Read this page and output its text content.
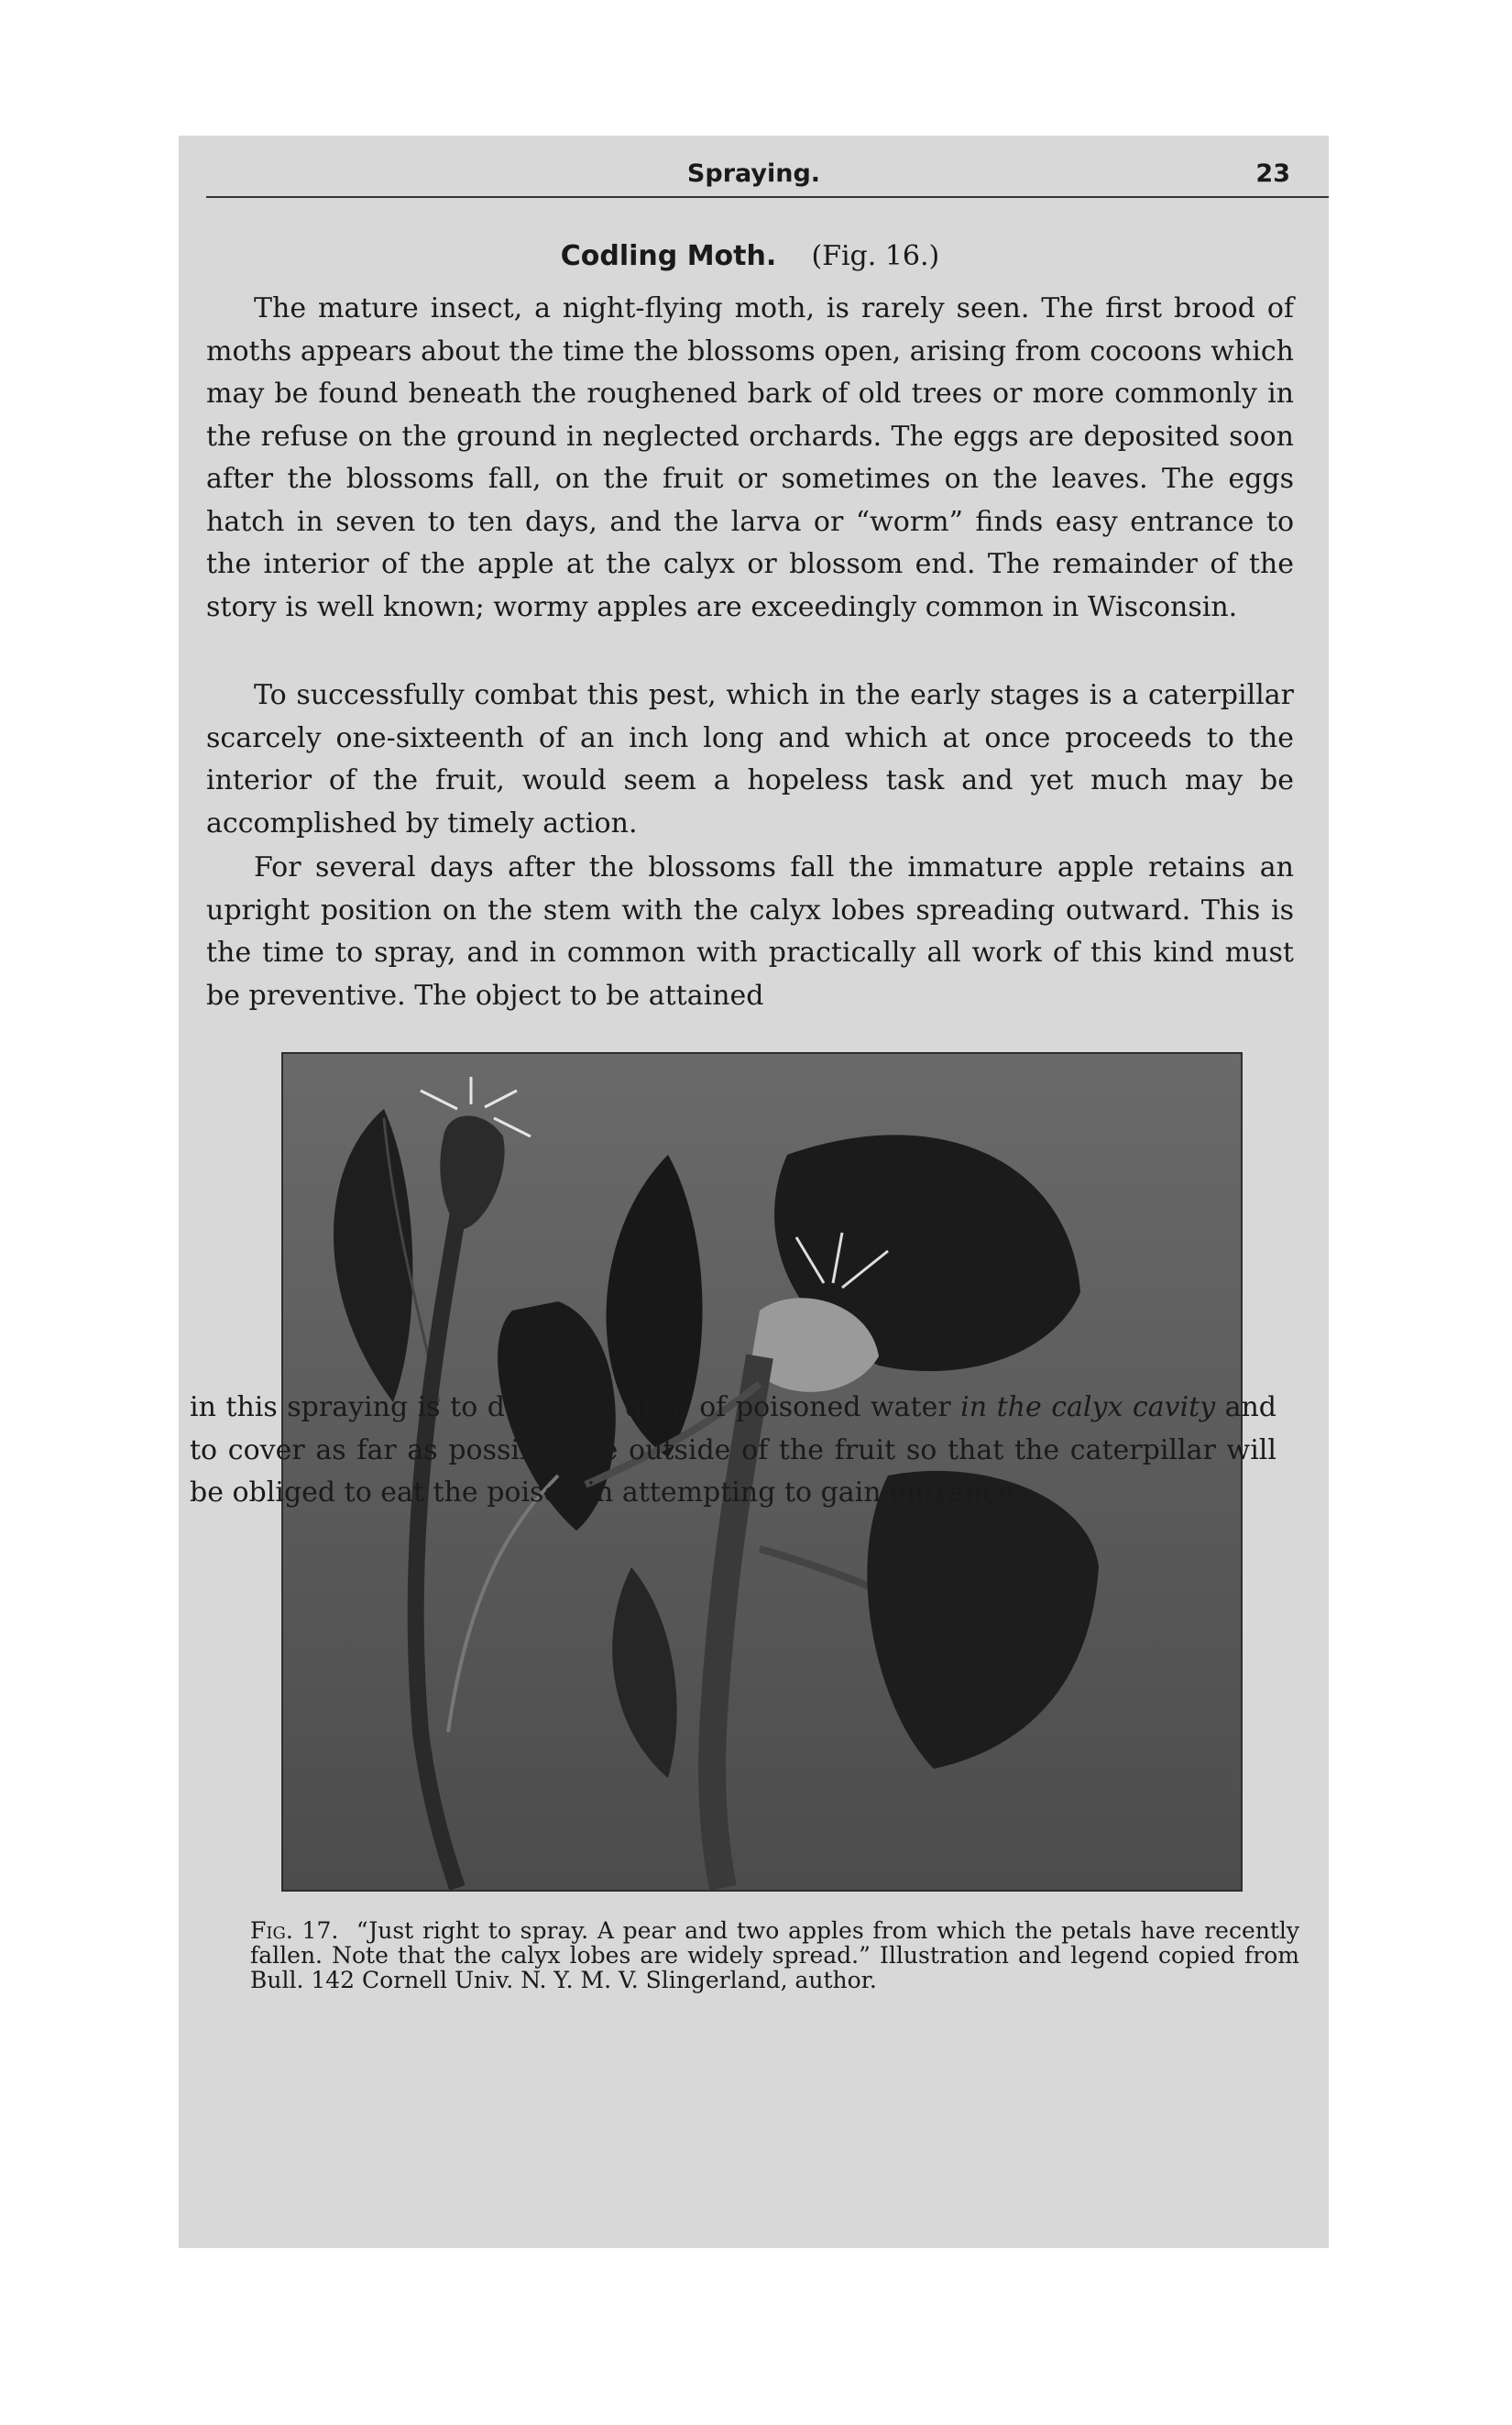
Spraying.	23
Codling Moth. (Fig. 16.)

The mature insect, a night-flying moth, is rarely seen. The first brood of moths appears about the time the blossoms open, arising from cocoons which may be found beneath the roughened bark of old trees or more commonly in the refuse on the ground in neglected orchards. The eggs are deposited soon after the blossoms fall, on the fruit or sometimes on the leaves. The eggs hatch in seven to ten days, and the larva or “worm” finds easy entrance to the interior of the apple at the calyx or blossom end. The remainder of the story is well known; wormy apples are exceedingly common in Wisconsin.

To successfully combat this pest, which in the early stages is a caterpillar scarcely one-sixteenth of an inch long and which at once proceeds to the interior of the fruit, would seem a hopeless task and yet much may be accomplished by timely action.

For several days after the blossoms fall the immature apple retains an upright position on the stem with the calyx lobes spreading outward. This is the time to spray, and in common with practically all work of this kind must be preventive. The object to be attained

Fig. 17. “Just right to spray. A pear and two apples from which the petals have recently fallen. Note that the calyx lobes are widely spread.” Illustration and legend copied from Bull. 142 Cornell Univ. N. Y. M. V. Slingerland, author.

in this spraying is to deposit a drop of poisoned water in the calyx cavity and to cover as far as possible the outside of the fruit so that the caterpillar will be obliged to eat the poison in attempting to gain entrance.
